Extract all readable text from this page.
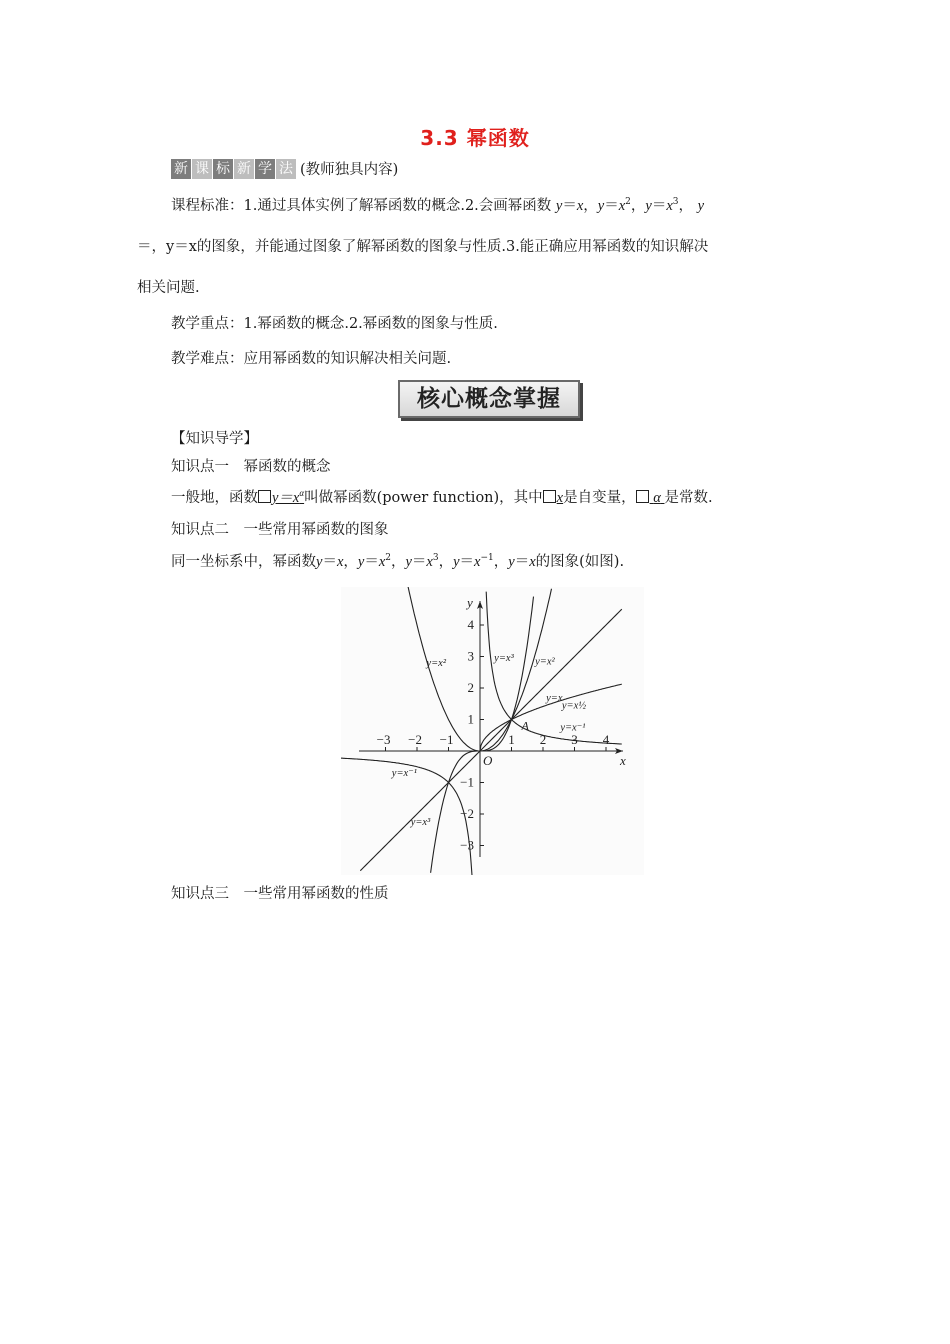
3.3 幂函数
新 课 标 新 学 法 (教师独具内容)
课程标准：1.通过具体实例了解幂函数的概念.2.会画幂函数 y＝x，$y=x^2$，$y=x^3$， y
＝，y＝x的图象，并能通过图象了解幂函数的图象与性质.3.能正确应用幂函数的知识解决
相关问题.
教学重点：1.幂函数的概念.2.幂函数的图象与性质.
教学难点：应用幂函数的知识解决相关问题.
核心概念掌握
【知识导学】
知识点一　幂函数的概念
一般地，函数 $y=x^\alpha$叫做幂函数(power function)，其中 x是自变量， α 是常数.
知识点二　一些常用幂函数的图象
同一坐标系中，幂函数y＝x，$y=x^2$，$y=x^3$，$y=x^{-1}$，y＝x的图象(如图).
−3 −2 −1	1 2 3 4
−3
−2
−1
1
2
3
4
x
y
O
A
y=x
y=x²	y=x²
y=x³
y=x³
y=x½
y=x⁻¹
y=x⁻¹
知识点三　一些常用幂函数的性质
